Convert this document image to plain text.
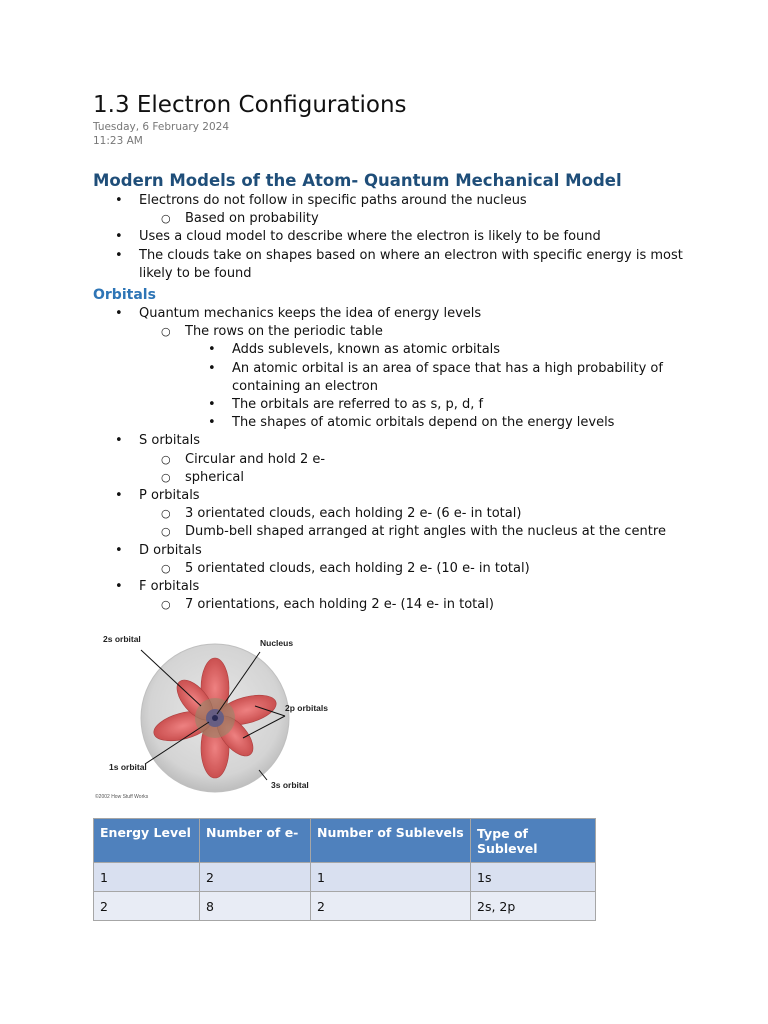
1.3 Electron Configurations
Tuesday, 6 February 2024
11:23 AM
Modern Models of the Atom- Quantum Mechanical Model
• Electrons do not follow in specific paths around the nucleus
○ Based on probability
• Uses a cloud model to describe where the electron is likely to be found
• The clouds take on shapes based on where an electron with specific energy is most
likely to be found
Orbitals
• Quantum mechanics keeps the idea of energy levels
○ The rows on the periodic table
• Adds sublevels, known as atomic orbitals
• An atomic orbital is an area of space that has a high probability of
containing an electron
• The orbitals are referred to as s, p, d, f
• The shapes of atomic orbitals depend on the energy levels
• S orbitals
○ Circular and hold 2 e-
○ spherical
• P orbitals
○ 3 orientated clouds, each holding 2 e- (6 e- in total)
○ Dumb-bell shaped arranged at right angles with the nucleus at the centre
• D orbitals
○ 5 orientated clouds, each holding 2 e- (10 e- in total)
• F orbitals
○ 7 orientations, each holding 2 e- (14 e- in total)
2s orbital	Nucleus
2p orbitals
1s orbital
3s orbital
©2002 How Stuff Works
Energy Level	Number of e-	Number of Sublevels	Type of Sublevel
1	2	1	1s
2	8	2	2s, 2p
